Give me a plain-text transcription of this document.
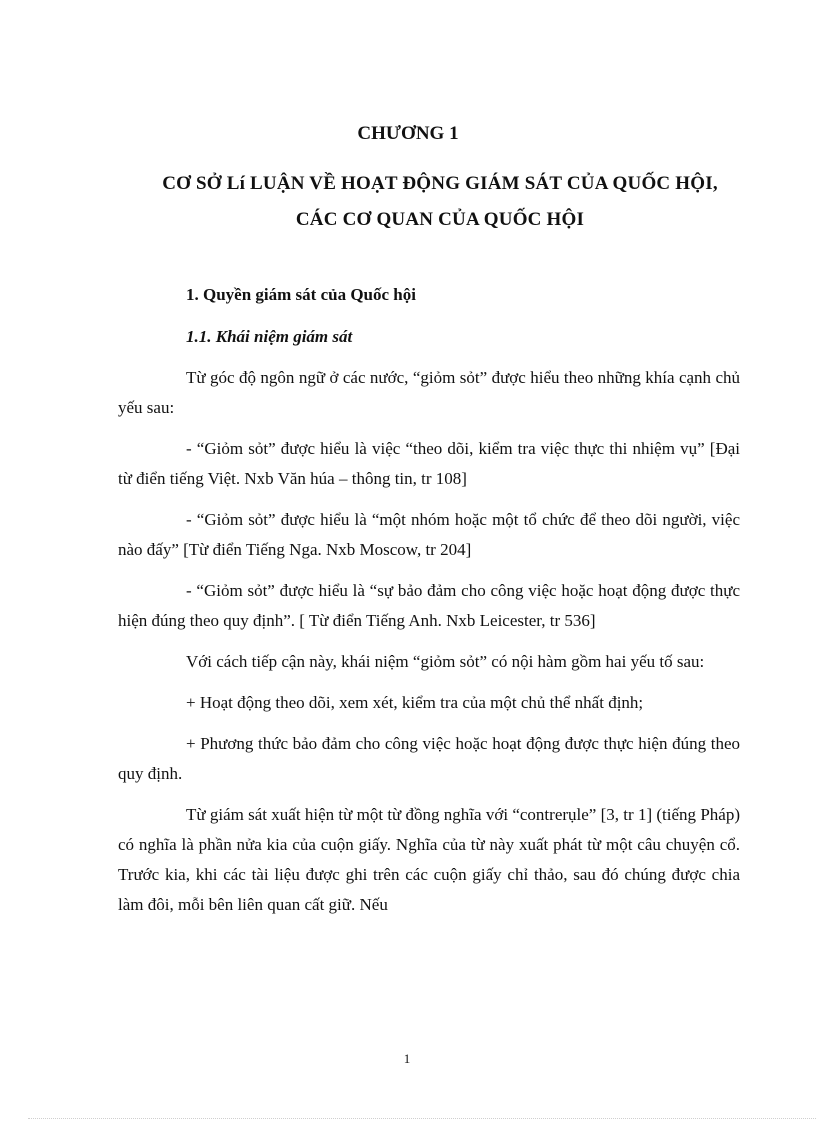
CHƯƠNG 1
CƠ SỞ Lí LUẬN VỀ HOẠT ĐỘNG GIÁM SÁT CỦA QUỐC HỘI, CÁC CƠ QUAN CỦA QUỐC HỘI

1. Quyền giám sát của Quốc hội

1.1. Khái niệm giám sát

Từ góc độ ngôn ngữ ở các nước, “giỏm sỏt” được hiểu theo những khía cạnh chủ yếu sau:

- “Giỏm sỏt” được hiểu là việc “theo dõi, kiểm tra việc thực thi nhiệm vụ” [Đại từ điển tiếng Việt. Nxb Văn húa – thông tin, tr 108]

- “Giỏm sỏt” được hiểu là “một nhóm hoặc một tổ chức để theo dõi người, việc nào đấy” [Từ điển Tiếng Nga. Nxb Moscow, tr 204]

- “Giỏm sỏt” được hiểu là “sự bảo đảm cho công việc hoặc hoạt động được thực hiện đúng theo quy định”. [ Từ điển Tiếng Anh. Nxb Leicester, tr 536]

Với cách tiếp cận này, khái niệm “giỏm sỏt” có nội hàm gồm hai yếu tố sau:

+ Hoạt động theo dõi, xem xét, kiểm tra của một chủ thể nhất định;

+ Phương thức bảo đảm cho công việc hoặc hoạt động được thực hiện đúng theo quy định.

Từ giám sát xuất hiện từ một từ đồng nghĩa với “contrerụle” [3, tr 1] (tiếng Pháp) có nghĩa là phần nửa kia của cuộn giấy. Nghĩa của từ này xuất phát từ một câu chuyện cổ. Trước kia, khi các tài liệu được ghi trên các cuộn giấy chỉ thảo, sau đó chúng được chia làm đôi, mỗi bên liên quan cất giữ. Nếu

1
